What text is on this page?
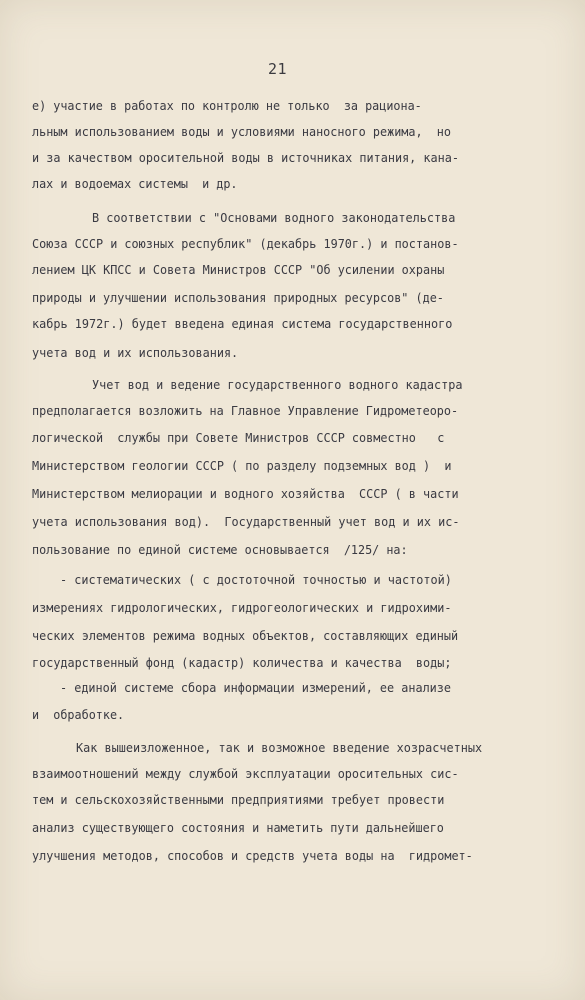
21
е) участие в работах по контролю не только  за рациона-
льным использованием воды и условиями наносного режима,  но
и за качеством оросительной воды в источниках питания, кана-
лах и водоемах системы  и др.
В соответствии с "Основами водного законодательства
Союза СССР и союзных республик" (декабрь 1970г.) и постанов-
лением ЦК КПСС и Совета Министров СССР "Об усилении охраны
природы и улучшении использования природных ресурсов" (де-
кабрь 1972г.) будет введена единая система государственного
учета вод и их использования.
Учет вод и ведение государственного водного кадастра
предполагается возложить на Главное Управление Гидрометеоро-
логической  службы при Совете Министров СССР совместно   с
Министерством геологии СССР ( по разделу подземных вод )  и
Министерством мелиорации и водного хозяйства  СССР ( в части
учета использования вод).  Государственный учет вод и их ис-
пользование по единой системе основывается  /125/ на:
- систематических ( с достоточной точностью и частотой)
измерениях гидрологических, гидрогеологических и гидрохими-
ческих элементов режима водных объектов, составляющих единый
государственный фонд (кадастр) количества и качества  воды;
- единой системе сбора информации измерений, ее анализе
и  обработке.
Как вышеизложенное, так и возможное введение хозрасчетных
взаимоотношений между службой эксплуатации оросительных сис-
тем и сельскохозяйственными предприятиями требует провести
анализ существующего состояния и наметить пути дальнейшего
улучшения методов, способов и средств учета воды на  гидромет-
